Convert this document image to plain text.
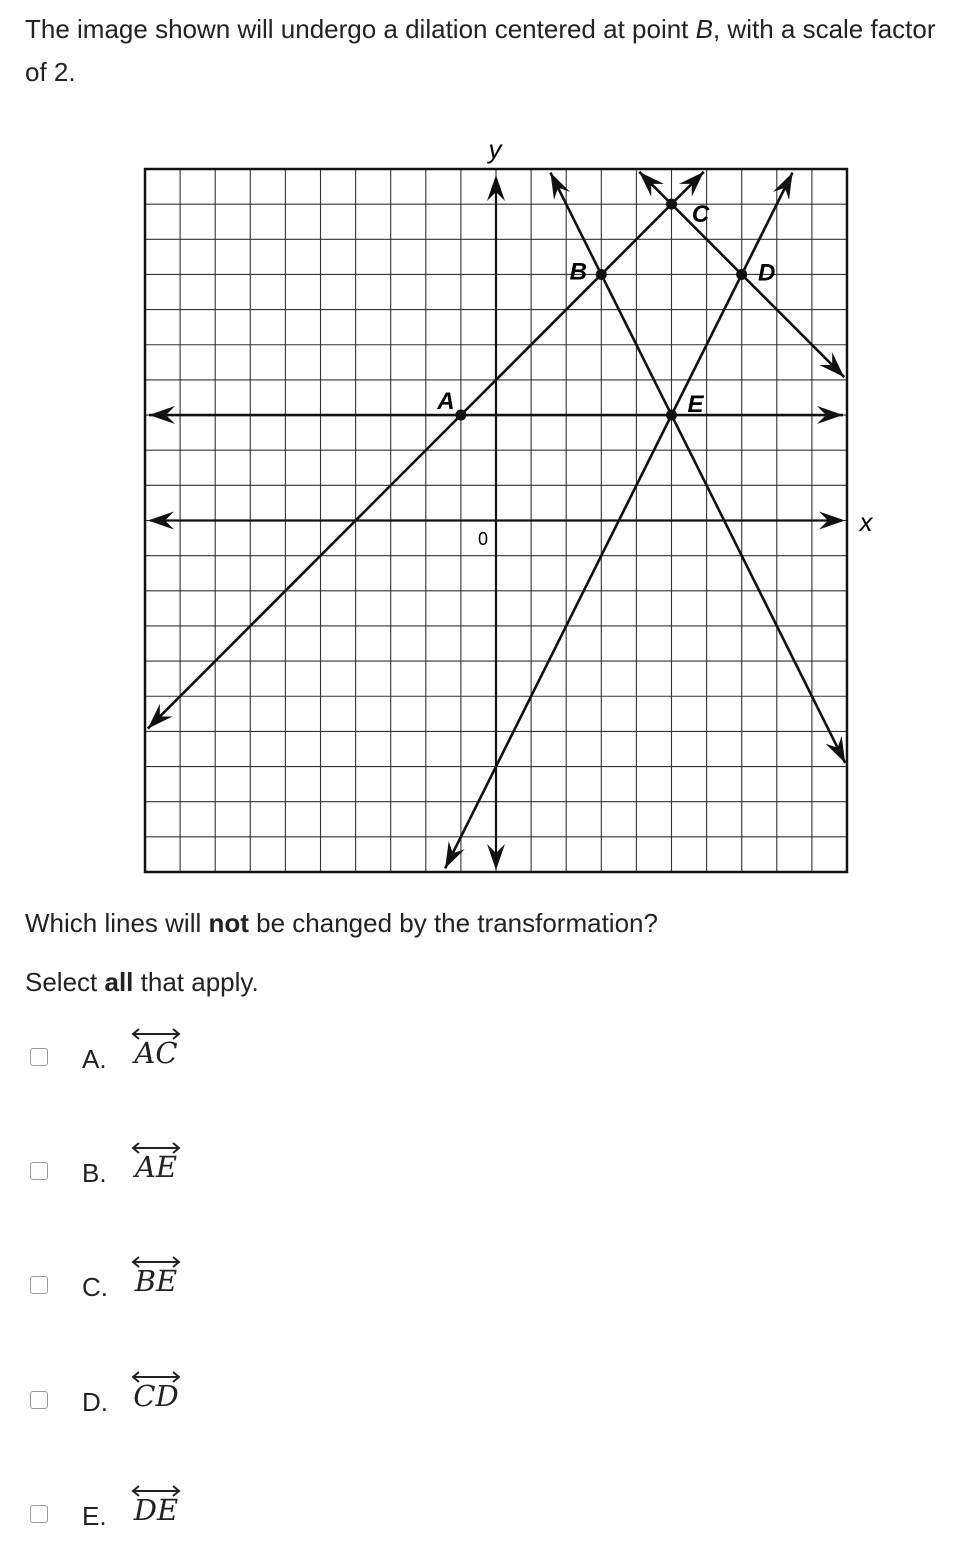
The image shown will undergo a dilation centered at point B, with a scale factor of 2.
A
B
C
D
E
y
x
0
Which lines will not be changed by the transformation?
Select all that apply.
A. AC
B. AE
C. BE
D. CD
E. DE
